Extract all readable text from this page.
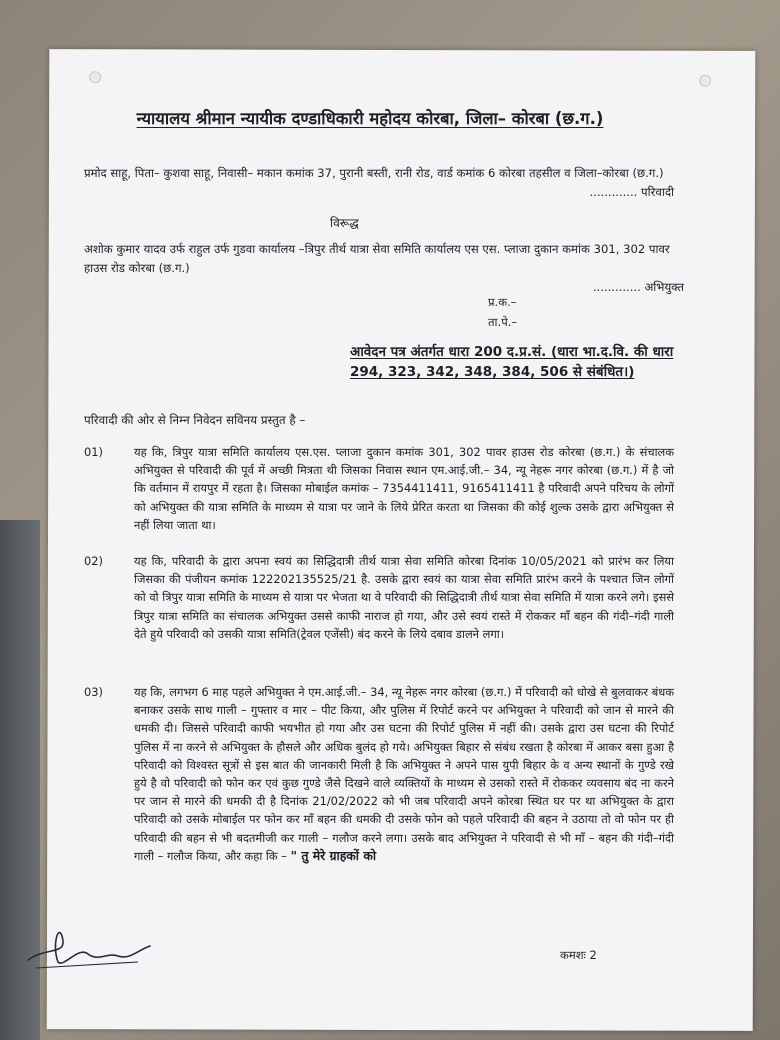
न्यायालय श्रीमान न्यायीक दण्डाधिकारी महोदय कोरबा, जिला– कोरबा (छ.ग.)
प्रमोद साहू, पिता– कुशवा साहू, निवासी– मकान कमांक 37, पुरानी बस्ती, रानी रोड, वार्ड कमांक 6 कोरबा तहसील व जिला–कोरबा (छ.ग.)
............. परिवादी
विरूद्ध
अशोक कुमार यादव उर्फ राहुल उर्फ गुडवा कार्यालय –त्रिपुर तीर्थ यात्रा सेवा समिति कार्यालय एस एस. प्लाजा दुकान कमांक 301, 302 पावर हाउस रोड कोरबा (छ.ग.)
............. अभियुक्त
प्र.क.–
ता.पे.–
आवेदन पत्र अंतर्गत धारा 200 द.प्र.सं. (धारा भा.द.वि. की धारा 294, 323, 342, 348, 384, 506 से संबंधित।)
परिवादी की ओर से निम्न निवेदन सविनय प्रस्तुत है –
01)	यह कि, त्रिपुर यात्रा समिति कार्यालय एस.एस. प्लाजा दुकान कमांक 301, 302 पावर हाउस रोड कोरबा (छ.ग.) के संचालक अभियुक्त से परिवादी की पूर्व में अच्छी मित्रता थी जिसका निवास स्थान एम.आई.जी.– 34, न्यू नेहरू नगर कोरबा (छ.ग.) में है जो कि वर्तमान में रायपुर में रहता है। जिसका मोबाईल कमांक – 7354411411, 9165411411 है परिवादी अपने परिचय के लोगों को अभियुक्त की यात्रा समिति के माध्यम से यात्रा पर जाने के लिये प्रेरित करता था जिसका की कोई शुल्क उसके द्वारा अभियुक्त से नहीं लिया जाता था।
02)	यह कि, परिवादी के द्वारा अपना स्वयं का सिद्धिदात्री तीर्थ यात्रा सेवा समिति कोरबा दिनांक 10/05/2021 को प्रारंभ कर लिया जिसका की पंजीयन कमांक 122202135525/21 है. उसके द्वारा स्वयं का यात्रा सेवा समिति प्रारंभ करने के पश्चात जिन लोगों को वो त्रिपुर यात्रा समिति के माध्यम से यात्रा पर भेजता था वे परिवादी की सिद्धिदात्री तीर्थ यात्रा सेवा समिति में यात्रा करने लगे। इससे त्रिपुर यात्रा समिति का संचालक अभियुक्त उससे काफी नाराज हो गया, और उसे स्वयं रास्ते में रोककर माँ बहन की गंदी–गंदी गाली देते हुये परिवादी को उसकी यात्रा समिति(ट्रेवल एजेंसी) बंद करने के लिये दबाव डालने लगा।
03)	यह कि, लगभग 6 माह पहले अभियुक्त ने एम.आई.जी.– 34, न्यू नेहरू नगर कोरबा (छ.ग.) में परिवादी को धोखे से बुलवाकर बंधक बनाकर उसके साथ गाली – गुफ्तार व मार – पीट किया, और पुलिस में रिपोर्ट करने पर अभियुक्त ने परिवादी को जान से मारने की धमकी दी। जिससे परिवादी काफी भयभीत हो गया और उस घटना की रिपोर्ट पुलिस में नहीं की। उसके द्वारा उस घटना की रिपोर्ट पुलिस में ना करने से अभियुक्त के हौसले और अधिक बुलंद हो गये। अभियुक्त बिहार से संबंध रखता है कोरबा में आकर बसा हुआ है परिवादी को विश्वस्त सूत्रों से इस बात की जानकारी मिली है कि अभियुक्त ने अपने पास युपी बिहार के व अन्य स्थानों के गुण्डे रखे हुये है वो परिवादी को फोन कर एवं कुछ गुण्डे जैसे दिखने वाले व्यक्तियों के माध्यम से उसको रास्ते में रोककर व्यवसाय बंद ना करने पर जान से मारने की धमकी दी है दिनांक 21/02/2022 को भी जब परिवादी अपने कोरबा स्थित घर पर था अभियुक्त के द्वारा परिवादी को उसके मोबाईल पर फोन कर माँ बहन की धमकी दी उसके फोन को पहले परिवादी की बहन ने उठाया तो वो फोन पर ही परिवादी की बहन से भी बदतमीजी कर गाली – गलौज करने लगा। उसके बाद अभियुक्त ने परिवादी से भी माँ – बहन की गंदी–गंदी गाली – गलौज किया, और कहा कि – " तु मेरे ग्राहकों को
कमशः 2
